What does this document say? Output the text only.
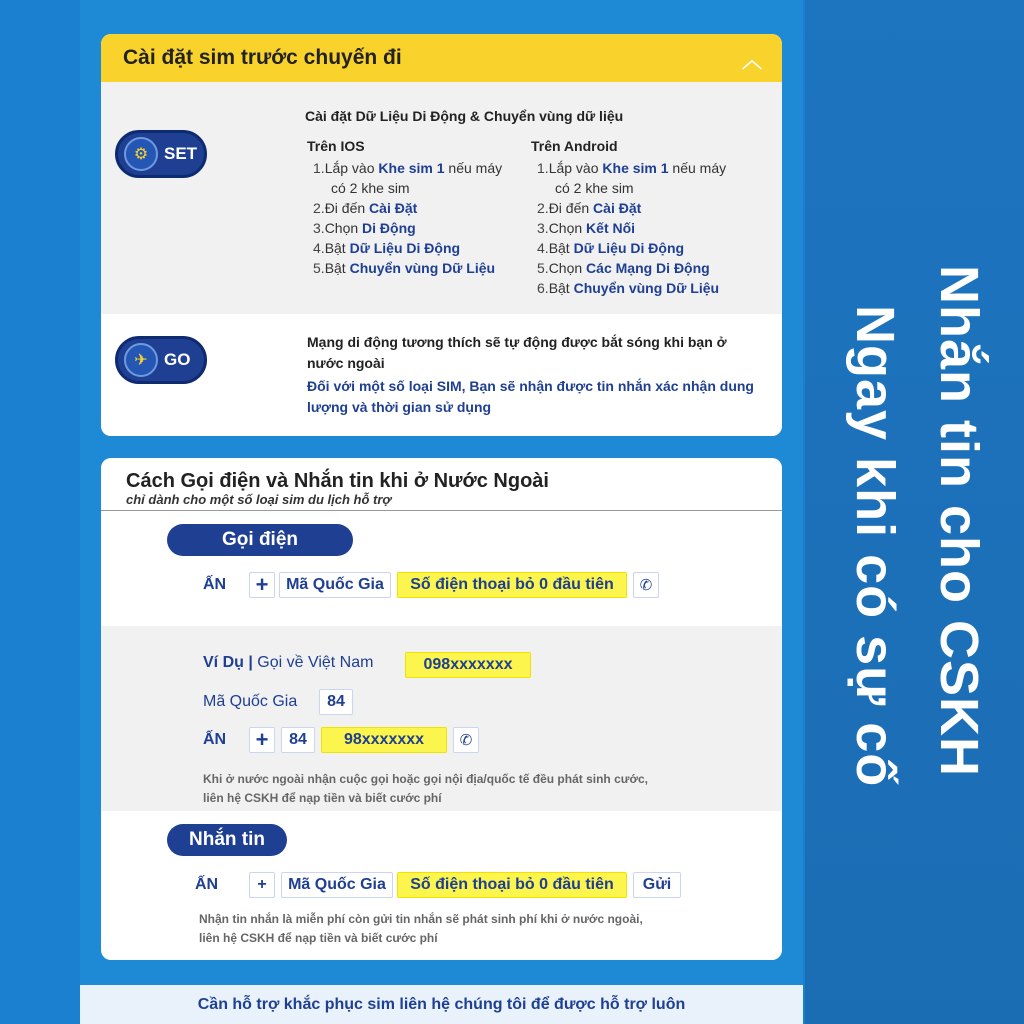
Nhắn tin cho CSKH
Ngay khi có sự cố
Cài đặt sim trước chuyến đi	︿
⚙ SET
Cài đặt Dữ Liệu Di Động & Chuyển vùng dữ liệu
Trên IOS
1.Lắp vào Khe sim 1 nếu máy
có 2 khe sim
2.Đi đến Cài Đặt
3.Chọn Di Động
4.Bật Dữ Liệu Di Động
5.Bật Chuyển vùng Dữ Liệu
Trên Android
1.Lắp vào Khe sim 1 nếu máy
có 2 khe sim
2.Đi đến Cài Đặt
3.Chọn Kết Nối
4.Bật Dữ Liệu Di Động
5.Chọn Các Mạng Di Động
6.Bật Chuyển vùng Dữ Liệu
✈ GO
Mạng di động tương thích sẽ tự động được bắt sóng khi bạn ở nước ngoài
Đối với một số loại SIM, Bạn sẽ nhận được tin nhắn xác nhận dung lượng và thời gian sử dụng
Cách Gọi điện và Nhắn tin khi ở Nước Ngoài
chỉ dành cho một số loại sim du lịch hỗ trợ
Gọi điện
ẤN +	Mã Quốc Gia	Số điện thoại bỏ 0 đầu tiên	✆
Ví Dụ | Gọi về Việt Nam	098xxxxxxx
Mã Quốc Gia	84
ẤN +	84	98xxxxxxx	✆
Khi ở nước ngoài nhận cuộc gọi hoặc gọi nội địa/quốc tế đều phát sinh cước, liên hệ CSKH để nạp tiền và biết cước phí
Nhắn tin
ẤN	+	Mã Quốc Gia	Số điện thoại bỏ 0 đầu tiên	Gửi
Nhận tin nhắn là miễn phí còn gửi tin nhắn sẽ phát sinh phí khi ở nước ngoài, liên hệ CSKH để nạp tiền và biết cước phí
Cần hỗ trợ khắc phục sim liên hệ chúng tôi để được hỗ trợ luôn
